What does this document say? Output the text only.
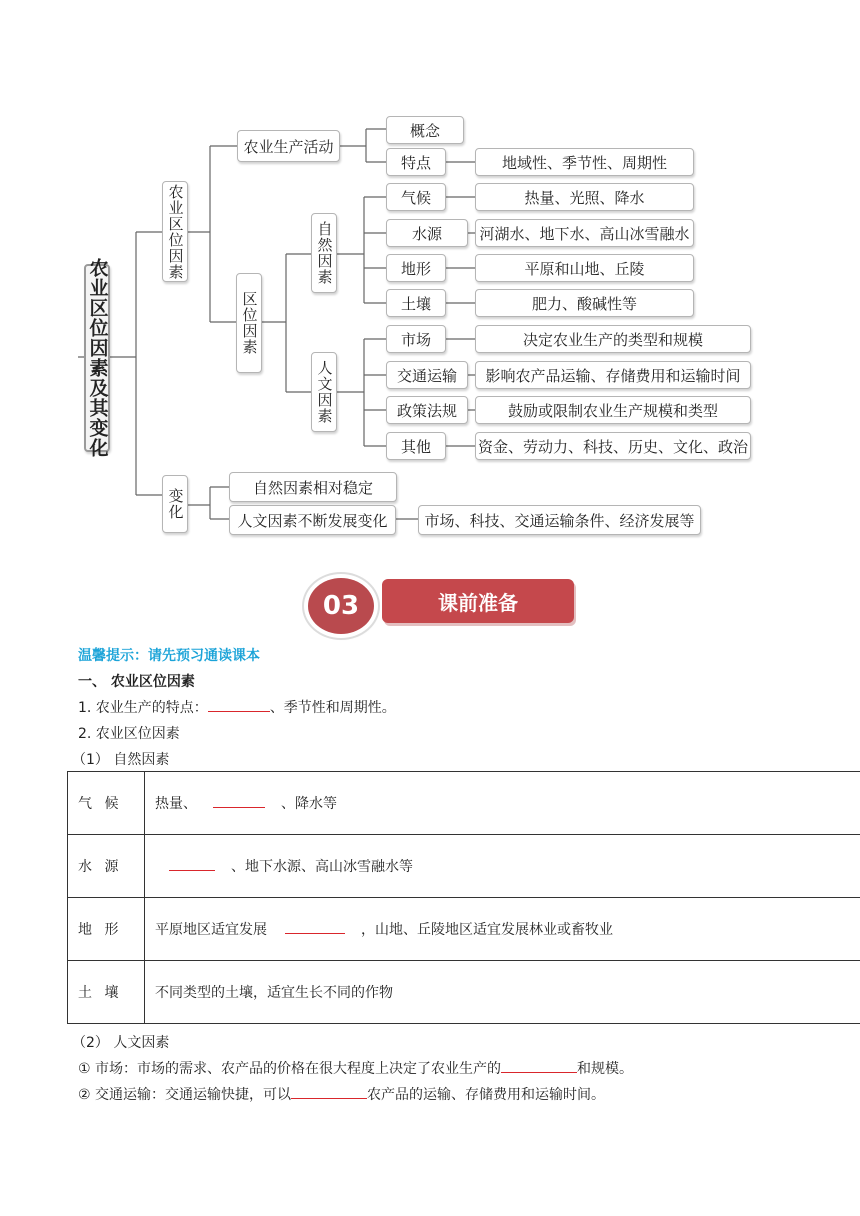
农业区位因素及其变化
农业区位因素
农业生产活动
概念
特点	地域性、季节性、周期性
区位因素
自然因素
气候	热量、光照、降水
水源	河湖水、地下水、高山冰雪融水
地形	平原和山地、丘陵
土壤	肥力、酸碱性等
人文因素
市场	决定农业生产的类型和规模
交通运输	影响农产品运输、存储费用和运输时间
政策法规	鼓励或限制农业生产规模和类型
其他	资金、劳动力、科技、历史、文化、政治
变化
自然因素相对稳定
人文因素不断发展变化	市场、科技、交通运输条件、经济发展等
03	课前准备
温馨提示：请先预习通读课本
一、 农业区位因素
1. 农业生产的特点：	、季节性和周期性。
2. 农业区位因素
（1） 自然因素
气 候	热量、 、降水等
水 源	、地下水源、高山冰雪融水等
地 形	平原地区适宜发展 ，山地、丘陵地区适宜发展林业或畜牧业
土 壤	不同类型的土壤，适宜生长不同的作物
（2） 人文因素
① 市场：市场的需求、农产品的价格在很大程度上决定了农业生产的	和规模。
② 交通运输：交通运输快捷，可以	农产品的运输、存储费用和运输时间。
